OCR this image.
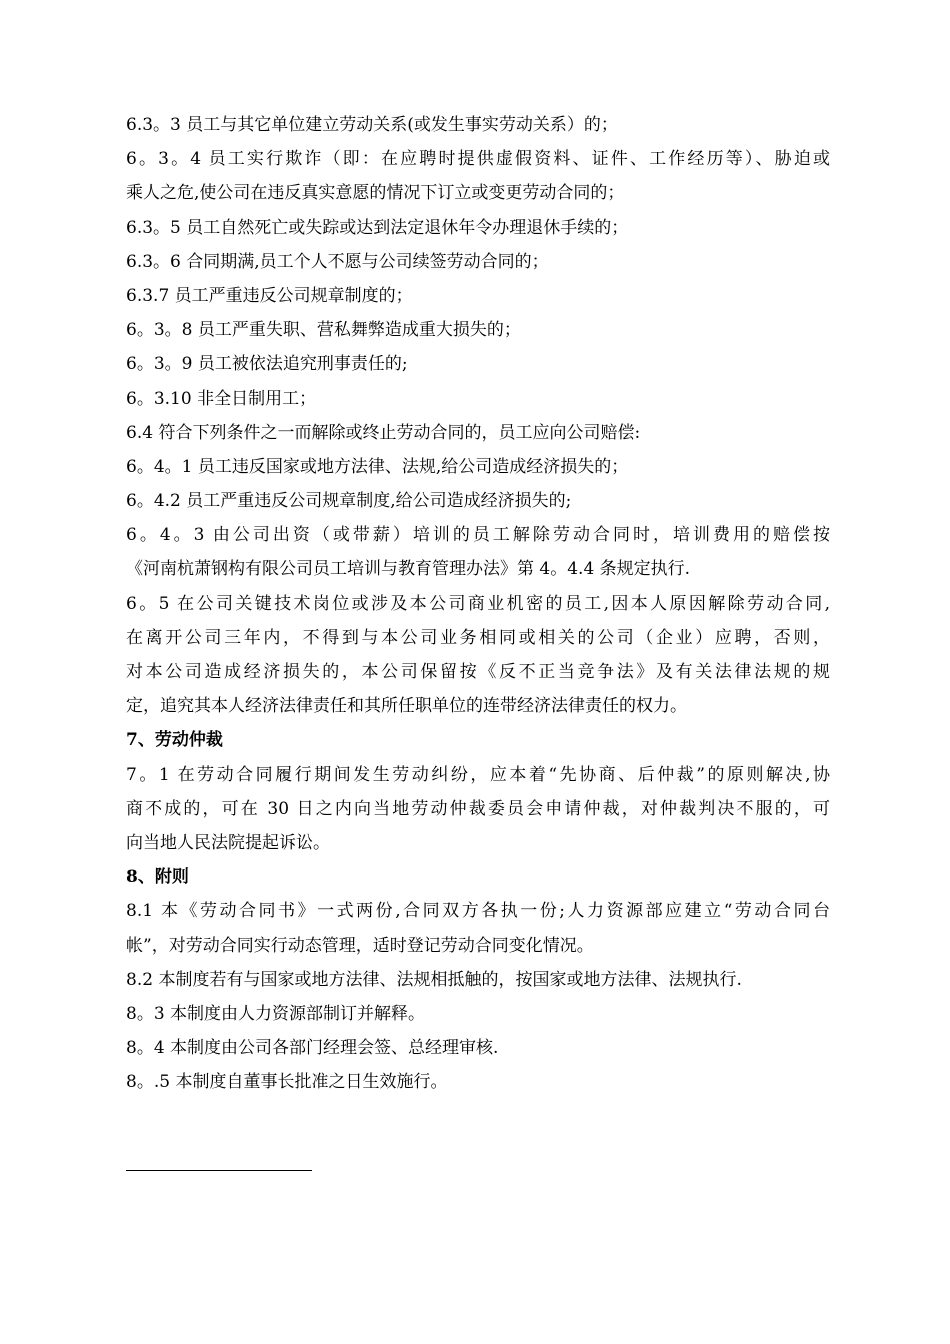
6.3。3 员工与其它单位建立劳动关系(或发生事实劳动关系）的；
6。3。4 员工实行欺诈（即：在应聘时提供虚假资料、证件、工作经历等）、胁迫或
乘人之危,使公司在违反真实意愿的情况下订立或变更劳动合同的；
6.3。5 员工自然死亡或失踪或达到法定退休年令办理退休手续的；
6.3。6 合同期满,员工个人不愿与公司续签劳动合同的；
6.3.7 员工严重违反公司规章制度的；
6。3。8 员工严重失职、营私舞弊造成重大损失的；
6。3。9 员工被依法追究刑事责任的;
6。3.10 非全日制用工；
6.4 符合下列条件之一而解除或终止劳动合同的，员工应向公司赔偿:
6。4。1 员工违反国家或地方法律、法规,给公司造成经济损失的；
6。4.2 员工严重违反公司规章制度,给公司造成经济损失的;
6。4。3 由公司出资（或带薪）培训的员工解除劳动合同时，培训费用的赔偿按
《河南杭萧钢构有限公司员工培训与教育管理办法》第 4。4.4 条规定执行.
6。5 在公司关键技术岗位或涉及本公司商业机密的员工,因本人原因解除劳动合同,
在离开公司三年内，不得到与本公司业务相同或相关的公司（企业）应聘，否则，
对本公司造成经济损失的，本公司保留按《反不正当竞争法》及有关法律法规的规
定，追究其本人经济法律责任和其所任职单位的连带经济法律责任的权力。
7、劳动仲裁
7。1 在劳动合同履行期间发生劳动纠纷，应本着“先协商、后仲裁”的原则解决,协
商不成的，可在 30 日之内向当地劳动仲裁委员会申请仲裁，对仲裁判决不服的，可
向当地人民法院提起诉讼。
8、附则
8.1 本《劳动合同书》一式两份,合同双方各执一份;人力资源部应建立“劳动合同台
帐”，对劳动合同实行动态管理，适时登记劳动合同变化情况。
8.2 本制度若有与国家或地方法律、法规相抵触的，按国家或地方法律、法规执行.
8。3 本制度由人力资源部制订并解释。
8。4 本制度由公司各部门经理会签、总经理审核.
8。.5 本制度自董事长批准之日生效施行。
